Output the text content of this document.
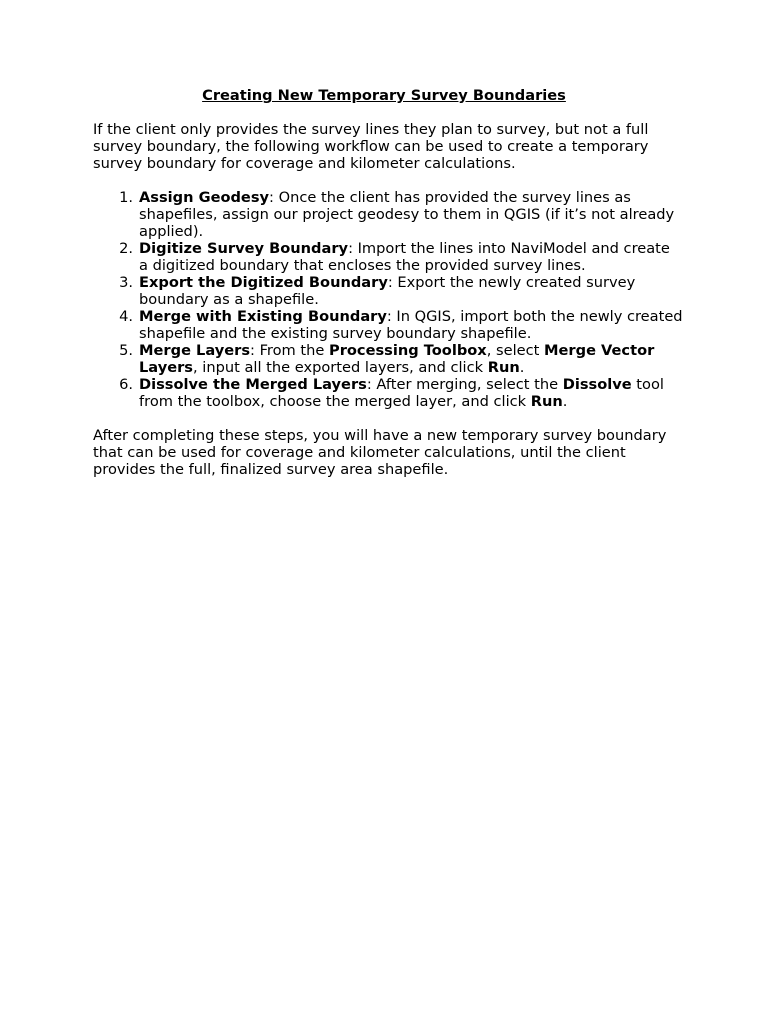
Creating New Temporary Survey Boundaries

If the client only provides the survey lines they plan to survey, but not a full survey boundary, the following workflow can be used to create a temporary survey boundary for coverage and kilometer calculations.

1 . Assign Geodesy: Once the client has provided the survey lines as shapefiles, assign our project geodesy to them in QGIS (if it’s not already applied).
2 . Digitize Survey Boundary: Import the lines into NaviModel and create a digitized boundary that encloses the provided survey lines.
3 . Export the Digitized Boundary: Export the newly created survey boundary as a shapefile.
4 . Merge with Existing Boundary: In QGIS, import both the newly created shapefile and the existing survey boundary shapefile.
5 . Merge Layers: From the Processing Toolbox, select Merge Vector Layers, input all the exported layers, and click Run.
6 . Dissolve the Merged Layers: After merging, select the Dissolve tool from the toolbox, choose the merged layer, and click Run.

After completing these steps, you will have a new temporary survey boundary that can be used for coverage and kilometer calculations, until the client provides the full, finalized survey area shapefile.
